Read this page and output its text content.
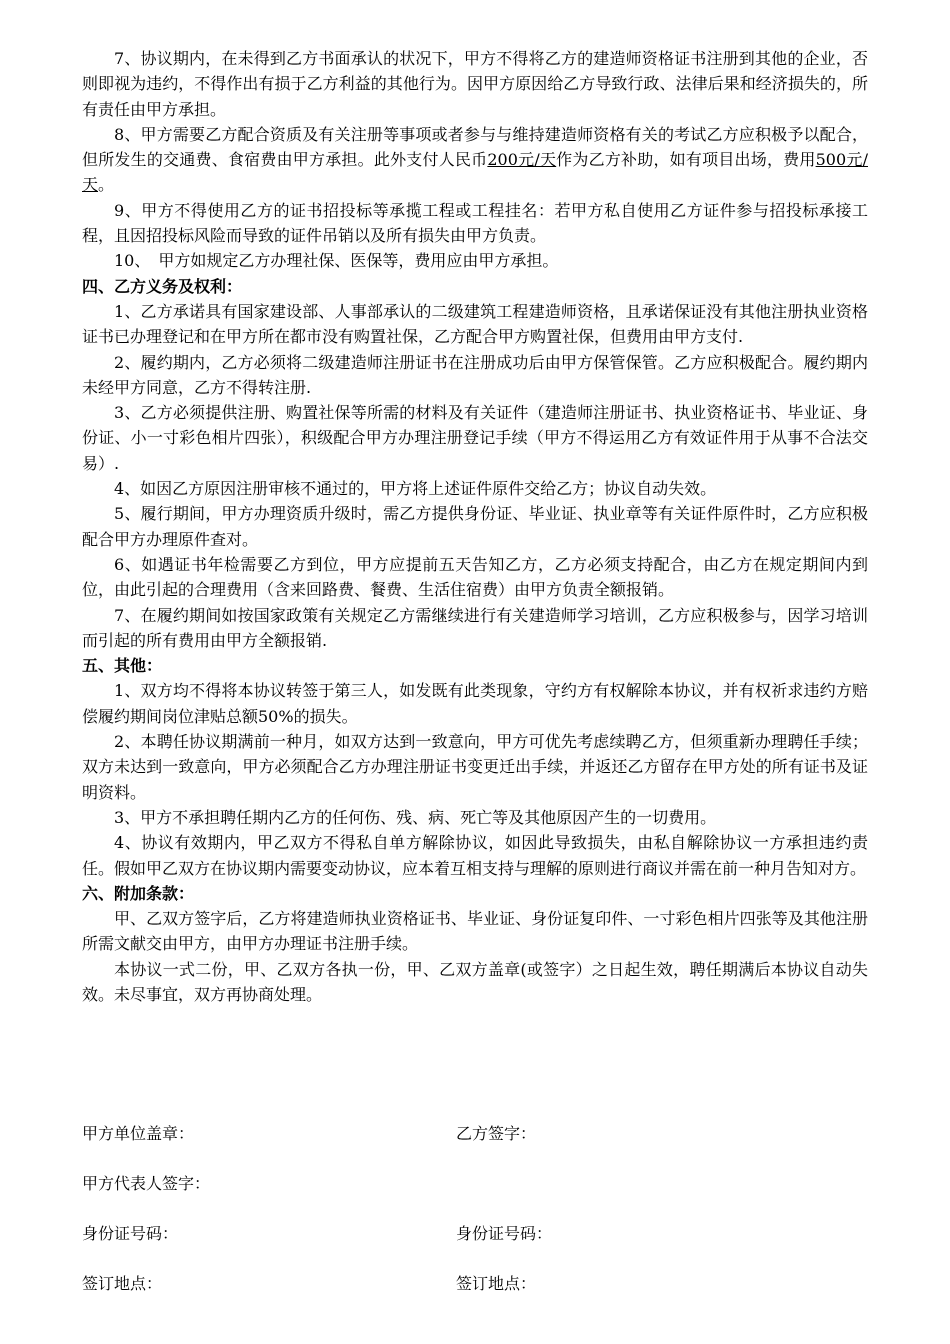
7、协议期内，在未得到乙方书面承认的状况下，甲方不得将乙方的建造师资格证书注册到其他的企业，否则即视为违约，不得作出有损于乙方利益的其他行为。因甲方原因给乙方导致行政、法律后果和经济损失的，所有责任由甲方承担。

8、甲方需要乙方配合资质及有关注册等事项或者参与与维持建造师资格有关的考试乙方应积极予以配合，但所发生的交通费、食宿费由甲方承担。此外支付人民币200元/天作为乙方补助，如有项目出场，费用500元/天。

9、甲方不得使用乙方的证书招投标等承揽工程或工程挂名：若甲方私自使用乙方证件参与招投标承接工程，且因招投标风险而导致的证件吊销以及所有损失由甲方负责。

10、　甲方如规定乙方办理社保、医保等，费用应由甲方承担。

四、乙方义务及权利：

1、乙方承诺具有国家建设部、人事部承认的二级建筑工程建造师资格，且承诺保证没有其他注册执业资格证书已办理登记和在甲方所在都市没有购置社保，乙方配合甲方购置社保，但费用由甲方支付.

2、履约期内，乙方必须将二级建造师注册证书在注册成功后由甲方保管保管。乙方应积极配合。履约期内未经甲方同意，乙方不得转注册.

3、乙方必须提供注册、购置社保等所需的材料及有关证件（建造师注册证书、执业资格证书、毕业证、身份证、小一寸彩色相片四张），积级配合甲方办理注册登记手续（甲方不得运用乙方有效证件用于从事不合法交易）.

4、如因乙方原因注册审核不通过的，甲方将上述证件原件交给乙方；协议自动失效。

5、履行期间，甲方办理资质升级时，需乙方提供身份证、毕业证、执业章等有关证件原件时，乙方应积极配合甲方办理原件查对。

6、如遇证书年检需要乙方到位，甲方应提前五天告知乙方，乙方必须支持配合，由乙方在规定期间内到位，由此引起的合理费用（含来回路费、餐费、生活住宿费）由甲方负责全额报销。

7、在履约期间如按国家政策有关规定乙方需继续进行有关建造师学习培训，乙方应积极参与，因学习培训而引起的所有费用由甲方全额报销.

五、其他：

1、双方均不得将本协议转签于第三人，如发既有此类现象，守约方有权解除本协议，并有权祈求违约方赔偿履约期间岗位津贴总额50%的损失。

2、本聘任协议期满前一种月，如双方达到一致意向，甲方可优先考虑续聘乙方，但须重新办理聘任手续；双方未达到一致意向，甲方必须配合乙方办理注册证书变更迁出手续，并返还乙方留存在甲方处的所有证书及证明资料。

3、甲方不承担聘任期内乙方的任何伤、残、病、死亡等及其他原因产生的一切费用。

4、协议有效期内，甲乙双方不得私自单方解除协议，如因此导致损失，由私自解除协议一方承担违约责任。假如甲乙双方在协议期内需要变动协议，应本着互相支持与理解的原则进行商议并需在前一种月告知对方。

六、附加条款：

甲、乙双方签字后，乙方将建造师执业资格证书、毕业证、身份证复印件、一寸彩色相片四张等及其他注册所需文献交由甲方，由甲方办理证书注册手续。

本协议一式二份，甲、乙双方各执一份，甲、乙双方盖章(或签字）之日起生效，聘任期满后本协议自动失效。未尽事宜，双方再协商处理。

甲方单位盖章：	乙方签字：
甲方代表人签字：
身份证号码：	身份证号码：
签订地点：	签订地点：
